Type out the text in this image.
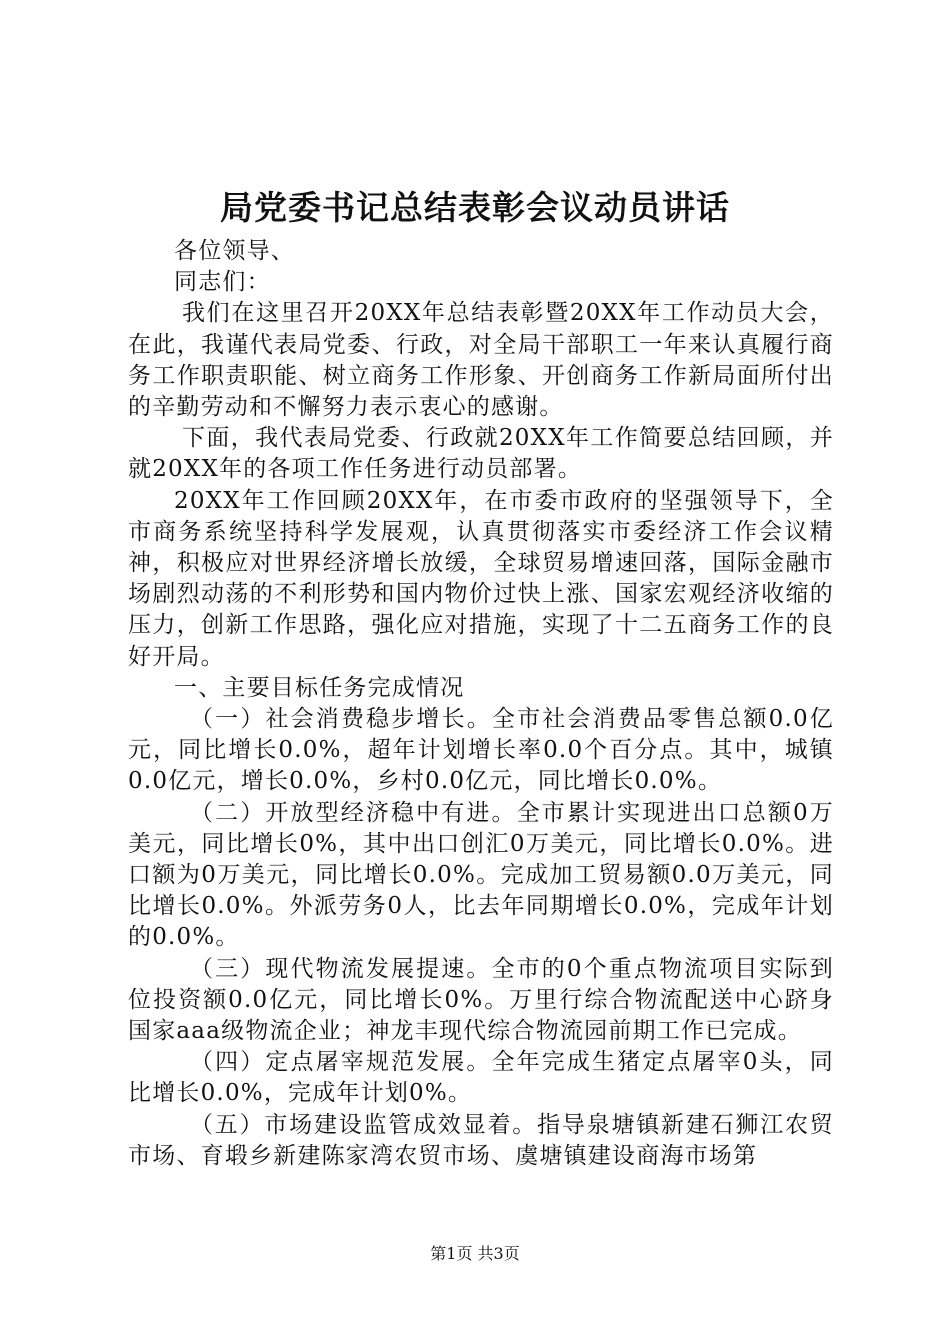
局党委书记总结表彰会议动员讲话

各位领导、

同志们：

我们在这里召开20XX年总结表彰暨20XX年工作动员大会，在此，我谨代表局党委、行政，对全局干部职工一年来认真履行商务工作职责职能、树立商务工作形象、开创商务工作新局面所付出的辛勤劳动和不懈努力表示衷心的感谢。

下面，我代表局党委、行政就20XX年工作简要总结回顾，并就20XX年的各项工作任务进行动员部署。

20XX年工作回顾20XX年，在市委市政府的坚强领导下，全市商务系统坚持科学发展观，认真贯彻落实市委经济工作会议精神，积极应对世界经济增长放缓，全球贸易增速回落，国际金融市场剧烈动荡的不利形势和国内物价过快上涨、国家宏观经济收缩的压力，创新工作思路，强化应对措施，实现了十二五商务工作的良好开局。

一、主要目标任务完成情况

（一）社会消费稳步增长。全市社会消费品零售总额0.0亿元，同比增长0.0%，超年计划增长率0.0个百分点。其中，城镇0.0亿元，增长0.0%，乡村0.0亿元，同比增长0.0%。

（二）开放型经济稳中有进。全市累计实现进出口总额0万美元，同比增长0%，其中出口创汇0万美元，同比增长0.0%。进口额为0万美元，同比增长0.0%。完成加工贸易额0.0万美元，同比增长0.0%。外派劳务0人，比去年同期增长0.0%，完成年计划的0.0%。

（三）现代物流发展提速。全市的0个重点物流项目实际到位投资额0.0亿元，同比增长0%。万里行综合物流配送中心跻身国家aaa级物流企业；神龙丰现代综合物流园前期工作已完成。

（四）定点屠宰规范发展。全年完成生猪定点屠宰0头，同比增长0.0%，完成年计划0%。

（五）市场建设监管成效显着。指导泉塘镇新建石狮江农贸市场、育塅乡新建陈家湾农贸市场、虞塘镇建设商海市场第

第1页 共3页
